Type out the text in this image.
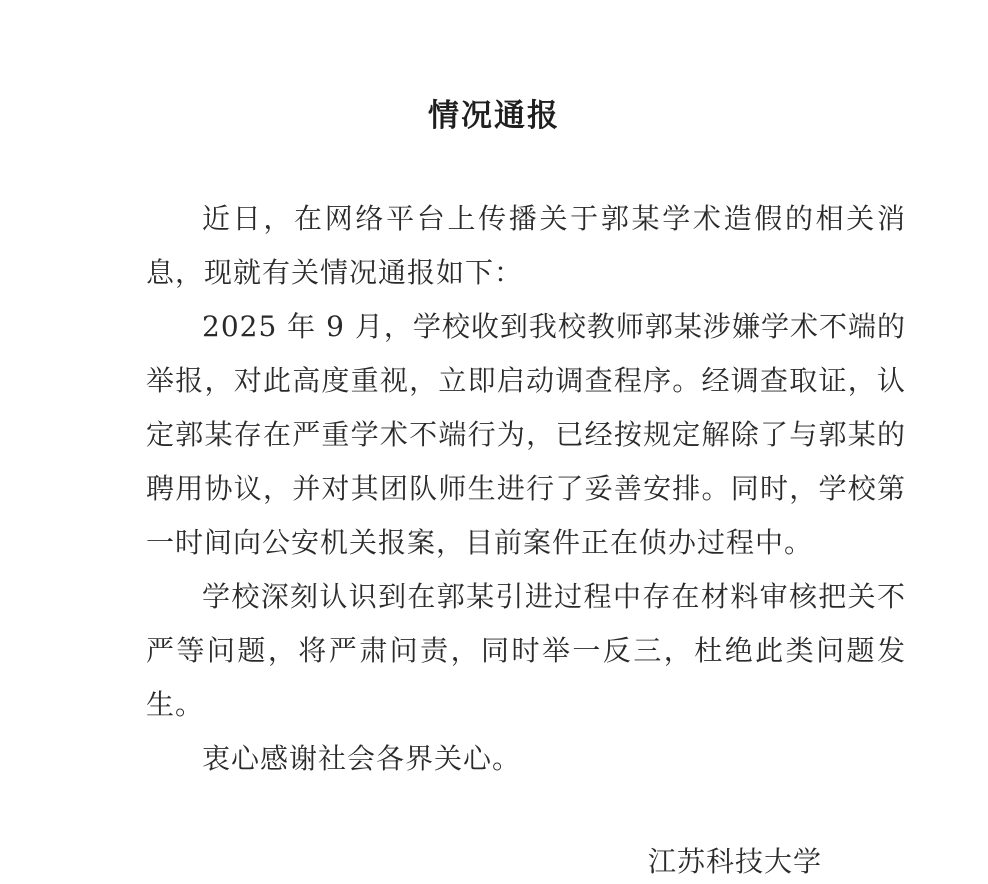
情况通报

近日，在网络平台上传播关于郭某学术造假的相关消息，现就有关情况通报如下：

2025 年 9 月，学校收到我校教师郭某涉嫌学术不端的举报，对此高度重视，立即启动调查程序。经调查取证，认定郭某存在严重学术不端行为，已经按规定解除了与郭某的聘用协议，并对其团队师生进行了妥善安排。同时，学校第一时间向公安机关报案，目前案件正在侦办过程中。

学校深刻认识到在郭某引进过程中存在材料审核把关不严等问题，将严肃问责，同时举一反三，杜绝此类问题发生。

衷心感谢社会各界关心。

江苏科技大学
